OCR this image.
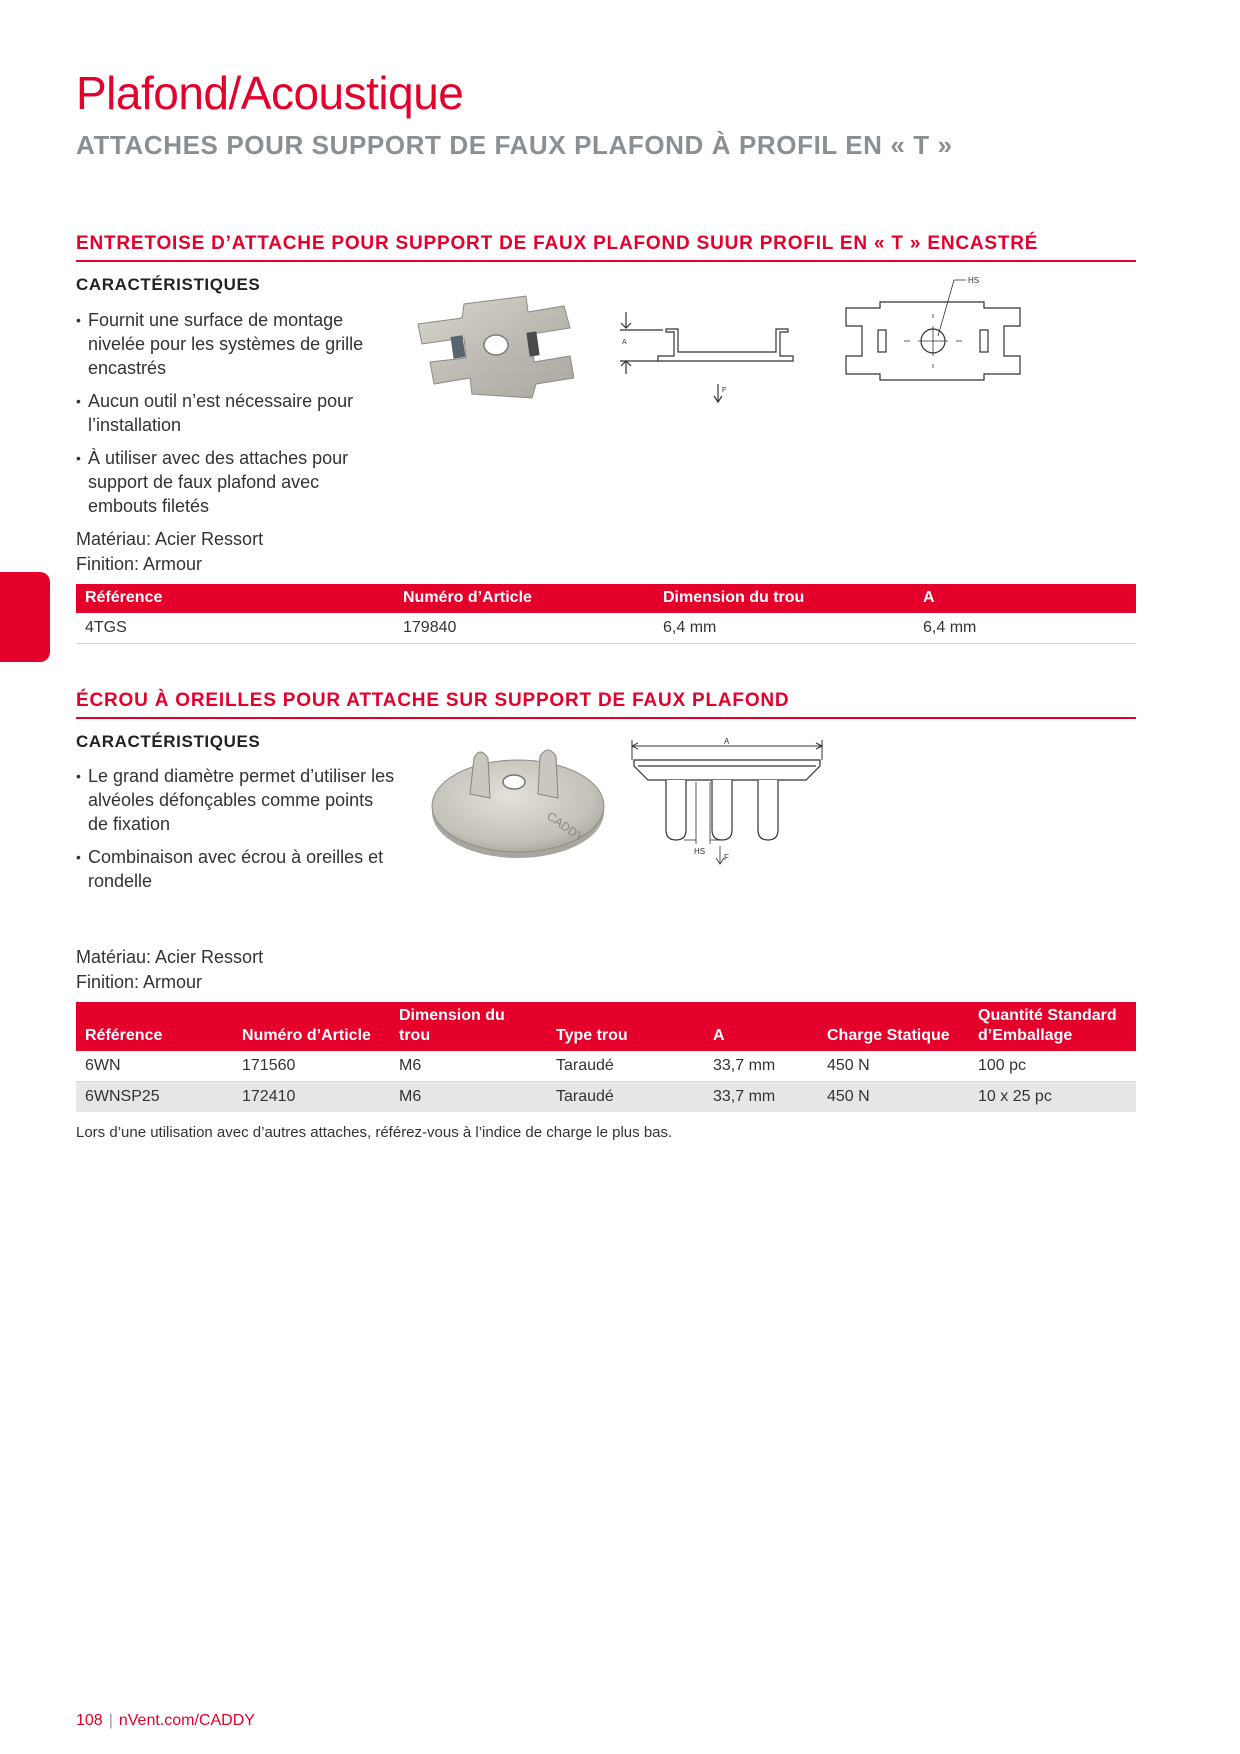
Plafond/Acoustique
ATTACHES POUR SUPPORT DE FAUX PLAFOND À PROFIL EN « T »
ENTRETOISE D’ATTACHE POUR SUPPORT DE FAUX PLAFOND SUUR PROFIL EN « T » ENCASTRÉ
CARACTÉRISTIQUES
• Fournit une surface de montage nivelée pour les systèmes de grille encastrés
• Aucun outil n’est nécessaire pour l’installation
• À utiliser avec des attaches pour support de faux plafond avec embouts filetés
Matériau: Acier Ressort
Finition: Armour
A
F
HS
Référence	Numéro d’Article	Dimension du trou	A
4TGS	179840	6,4 mm	6,4 mm
ÉCROU À OREILLES POUR ATTACHE SUR SUPPORT DE FAUX PLAFOND
CARACTÉRISTIQUES
• Le grand diamètre permet d’utiliser les alvéoles défonçables comme points de fixation
• Combinaison avec écrou à oreilles et rondelle
Matériau: Acier Ressort
Finition: Armour
CADDY
A
HS
F
Référence	Numéro d’Article	Dimension du trou	Type trou	A	Charge Statique	Quantité Standard d’Emballage
6WN	171560	M6	Taraudé	33,7 mm	450 N	100 pc
6WNSP25	172410	M6	Taraudé	33,7 mm	450 N	10 x 25 pc
Lors d’une utilisation avec d’autres attaches, référez-vous à l’indice de charge le plus bas.
108 | nVent.com/CADDY
